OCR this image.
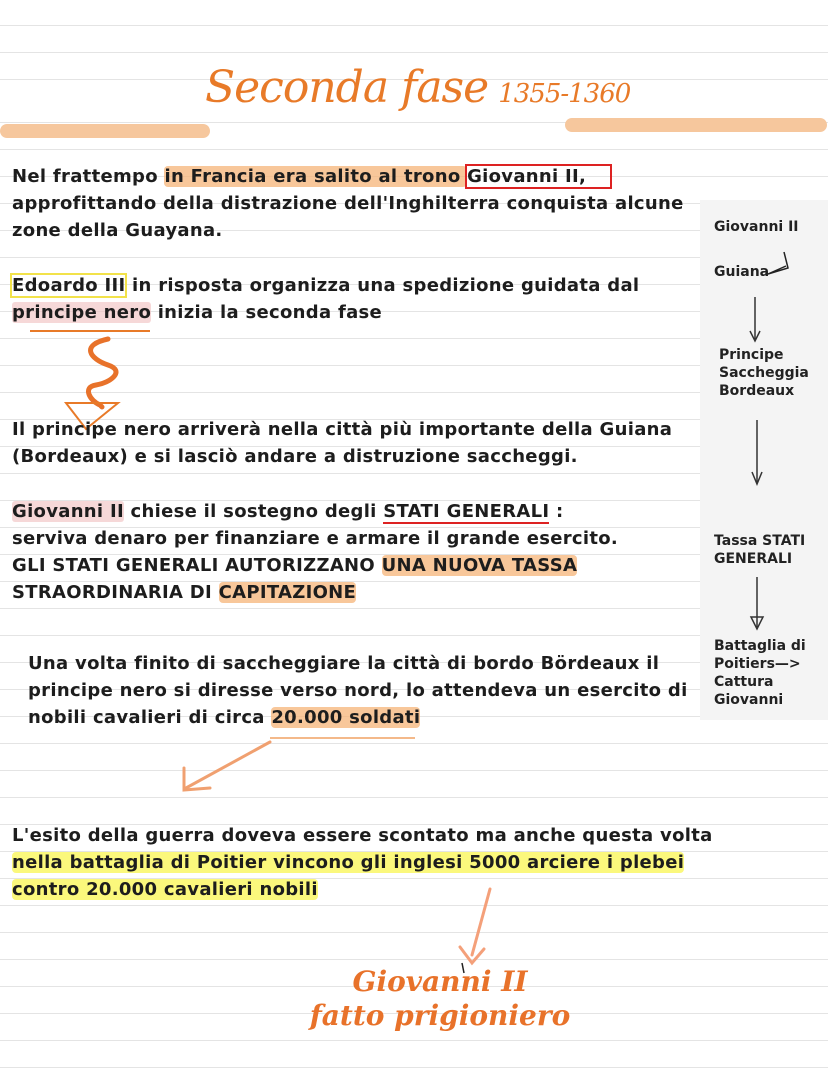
Seconda fase 1355-1360

Nel frattempo in Francia era salito al trono Giovanni II,

approfittando della distrazione dell'Inghilterra conquista alcune

zone della Guayana.

Edoardo III in risposta organizza una spedizione guidata dal

principe nero inizia la seconda fase

Il principe nero arriverà nella città più importante della Guiana

(Bordeaux) e si lasciò andare a distruzione saccheggi.

Giovanni II chiese il sostegno degli STATI GENERALI :

serviva denaro per finanziare e armare il grande esercito.

GLI STATI GENERALI AUTORIZZANO UNA NUOVA TASSA

STRAORDINARIA DI CAPITAZIONE

Una volta finito di saccheggiare la città di bordo Bördeaux il

principe nero si diresse verso nord, lo attendeva un esercito di

nobili cavalieri di circa 20.000 soldati

L'esito della guerra doveva essere scontato ma anche questa volta

nella battaglia di Poitier vincono gli inglesi 5000 arciere i plebei

contro 20.000 cavalieri nobili

Giovanni II
fatto prigioniero
Giovanni II
Guiana
Principe
Saccheggia
Bordeaux
Tassa STATI
GENERALI
Battaglia di
Poitiers—>
Cattura
Giovanni
